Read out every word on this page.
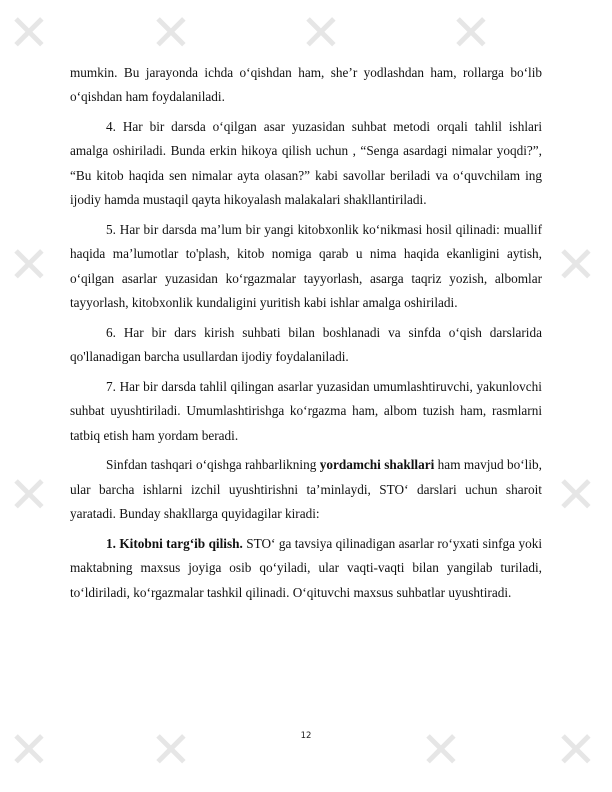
✕ ✕ ✕ ✕
✕	✕
✕	✕
✕ ✕	✕ ✕

mumkin. Bu jarayonda ichda o‘qishdan ham, she’r yodlashdan ham, rollarga bo‘lib o‘qishdan ham foydalaniladi.

4. Har bir darsda o‘qilgan asar yuzasidan suhbat metodi orqali tahlil ishlari amalga oshiriladi. Bunda erkin hikoya qilish uchun , “Senga asardagi nimalar yoqdi?”, “Bu kitob haqida sen nimalar ayta olasan?” kabi savollar beriladi va o‘quvchilam ing ijodiy hamda mustaqil qayta hikoyalash malakalari shakllantiriladi.

5. Har bir darsda ma’lum bir yangi kitobxonlik ko‘nikmasi hosil qilinadi: muallif haqida ma’lumotlar to'plash, kitob nomiga qarab u nima haqida ekanligini aytish, o‘qilgan asarlar yuzasidan ko‘rgazmalar tayyorlash, asarga taqriz yozish, albomlar tayyorlash, kitobxonlik kundaligini yuritish kabi ishlar amalga oshiriladi.

6. Har bir dars kirish suhbati bilan boshlanadi va sinfda o‘qish darslarida qo'llanadigan barcha usullardan ijodiy foydalaniladi.

7. Har bir darsda tahlil qilingan asarlar yuzasidan umumlashtiruvchi, yakunlovchi suhbat uyushtiriladi. Umumlashtirishga ko‘rgazma ham, albom tuzish ham, rasmlarni tatbiq etish ham yordam beradi.

Sinfdan tashqari o‘qishga rahbarlikning yordamchi shakllari ham mavjud bo‘lib, ular barcha ishlarni izchil uyushtirishni ta’minlaydi, STO‘ darslari uchun sharoit yaratadi. Bunday shakllarga quyidagilar kiradi:

1. Kitobni targ‘ib qilish. STO‘ ga tavsiya qilinadigan asarlar ro‘yxati sinfga yoki maktabning maxsus joyiga osib qo‘yiladi, ular vaqti-vaqti bilan yangilab turiladi, to‘ldiriladi, ko‘rgazmalar tashkil qilinadi. O‘qituvchi maxsus suhbatlar uyushtiradi.

12
